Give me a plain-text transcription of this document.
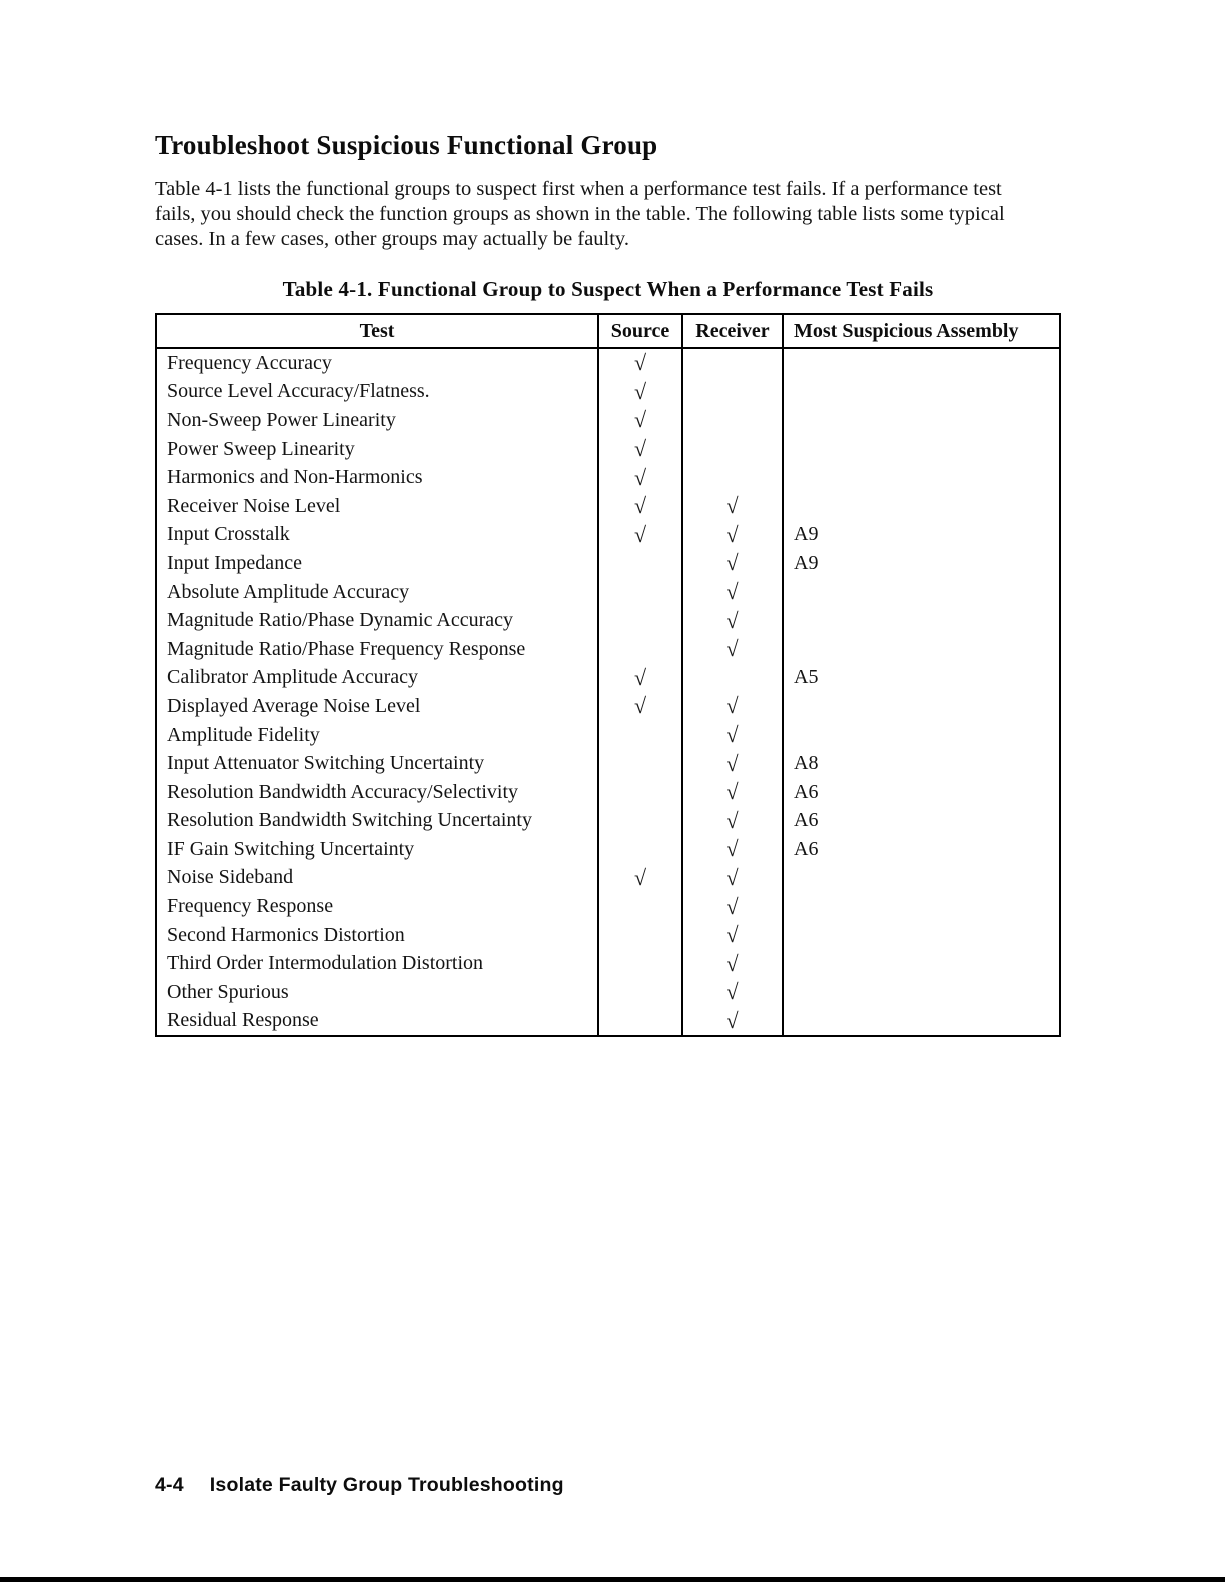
Troubleshoot Suspicious Functional Group

Table 4-1 lists the functional groups to suspect first when a performance test fails. If a performance test fails, you should check the function groups as shown in the table. The following table lists some typical cases. In a few cases, other groups may actually be faulty.

Table 4-1. Functional Group to Suspect When a Performance Test Fails
Test	Source	Receiver	Most Suspicious Assembly
Frequency Accuracy	√		
Source Level Accuracy/Flatness.	√		
Non-Sweep Power Linearity	√		
Power Sweep Linearity	√		
Harmonics and Non-Harmonics	√		
Receiver Noise Level	√	√	
Input Crosstalk	√	√	A9
Input Impedance		√	A9
Absolute Amplitude Accuracy		√	
Magnitude Ratio/Phase Dynamic Accuracy		√	
Magnitude Ratio/Phase Frequency Response		√	
Calibrator Amplitude Accuracy	√		A5
Displayed Average Noise Level	√	√	
Amplitude Fidelity		√	
Input Attenuator Switching Uncertainty		√	A8
Resolution Bandwidth Accuracy/Selectivity		√	A6
Resolution Bandwidth Switching Uncertainty		√	A6
IF Gain Switching Uncertainty		√	A6
Noise Sideband	√	√	
Frequency Response		√	
Second Harmonics Distortion		√	
Third Order Intermodulation Distortion		√	
Other Spurious		√	
Residual Response		√	
4-4 Isolate Faulty Group Troubleshooting
